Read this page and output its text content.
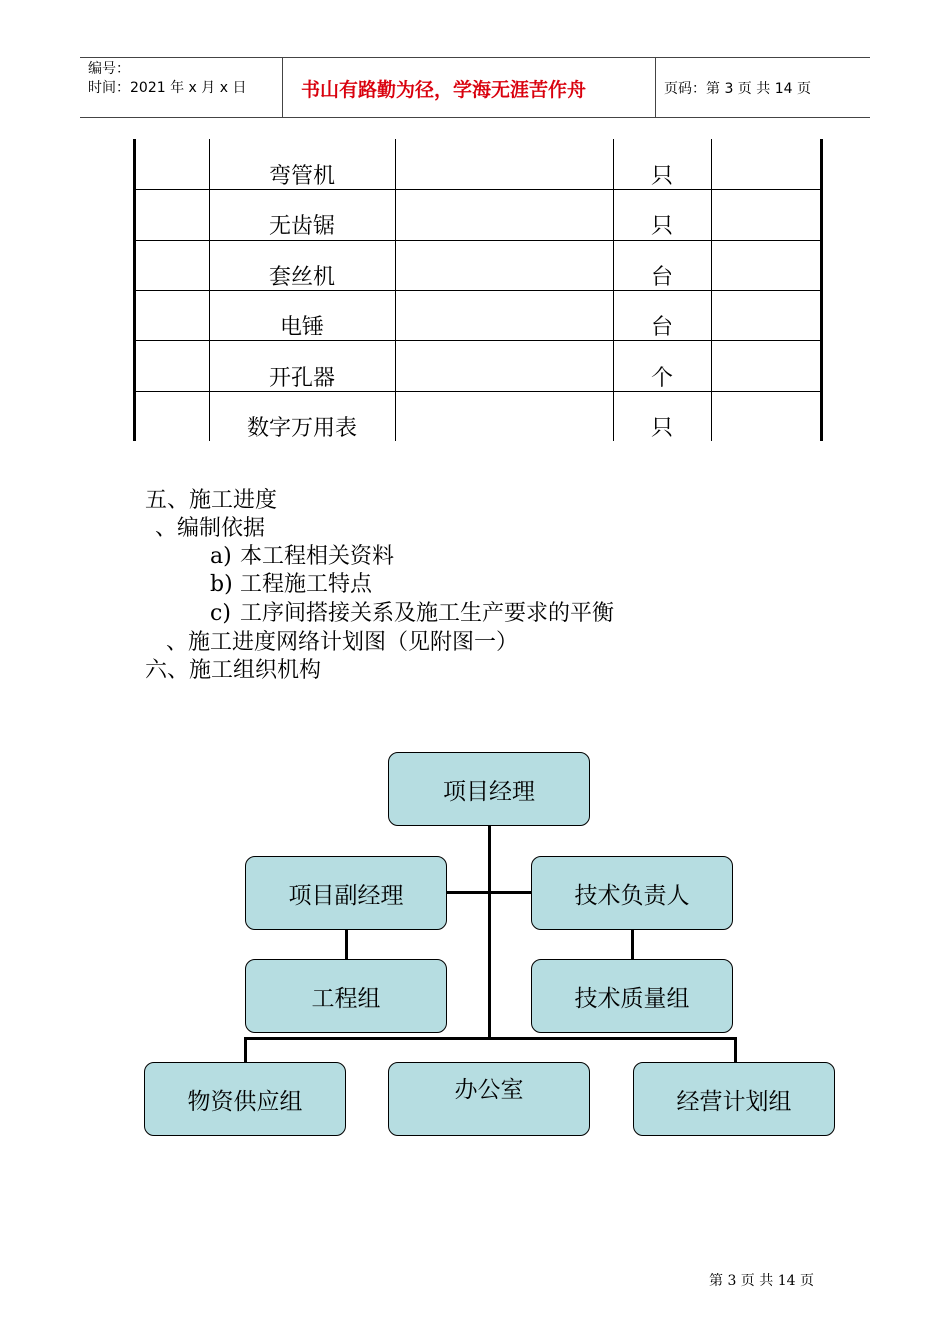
编号：
时间：2021 年 x 月 x 日	书山有路勤为径，学海无涯苦作舟	页码：第 3 页 共 14 页
弯管机	只
无齿锯	只
套丝机	台
电锤	台
开孔器	个
数字万用表	只
五、施工进度
、编制依据
a) 本工程相关资料
b) 工程施工特点
c) 工序间搭接关系及施工生产要求的平衡
、施工进度网络计划图（见附图一）
六、施工组织机构
项目经理
项目副经理	技术负责人
工程组	技术质量组
物资供应组	办公室	经营计划组
第 3 页 共 14 页
